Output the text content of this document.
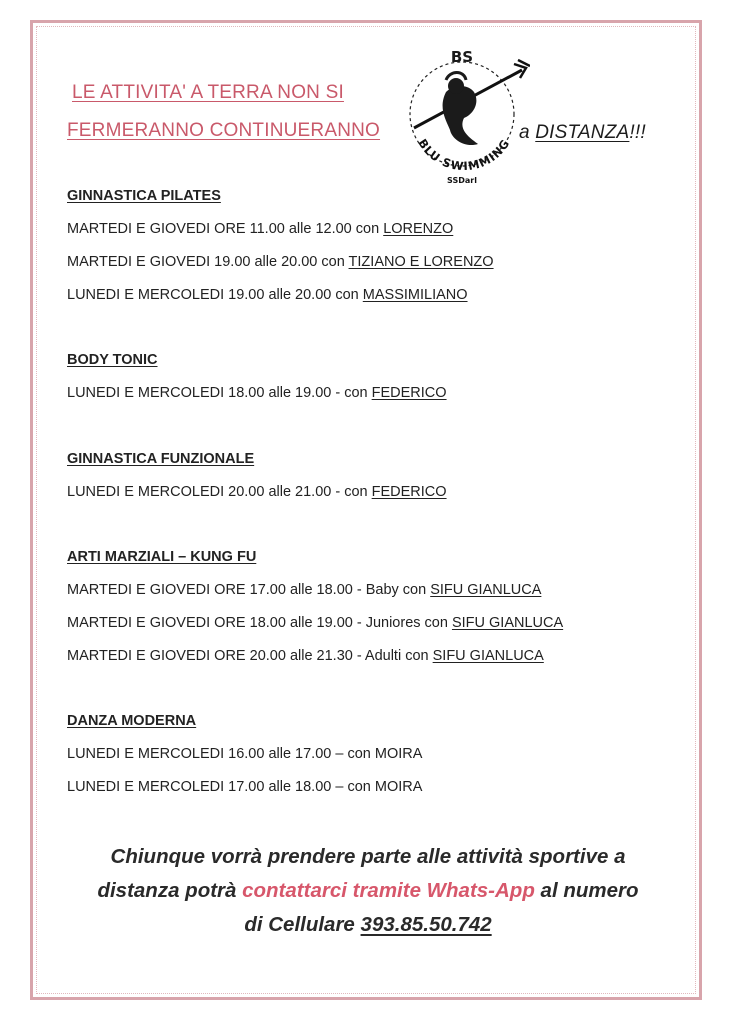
LE ATTIVITA' A TERRA NON SI
FERMERANNO CONTINUERANNO	a DISTANZA!!!
BS
BLU SWIMMING
SSDarl

GINNASTICA PILATES

MARTEDI E GIOVEDI ORE 11.00 alle 12.00 con LORENZO

MARTEDI E GIOVEDI 19.00 alle 20.00 con TIZIANO E LORENZO

LUNEDI E MERCOLEDI 19.00 alle 20.00 con MASSIMILIANO

BODY TONIC

LUNEDI E MERCOLEDI 18.00 alle 19.00 - con FEDERICO

GINNASTICA FUNZIONALE

LUNEDI E MERCOLEDI 20.00 alle 21.00 - con FEDERICO

ARTI MARZIALI – KUNG FU

MARTEDI E GIOVEDI ORE 17.00 alle 18.00 - Baby con SIFU GIANLUCA

MARTEDI E GIOVEDI ORE 18.00 alle 19.00 - Juniores con SIFU GIANLUCA

MARTEDI E GIOVEDI ORE 20.00 alle 21.30 - Adulti con SIFU GIANLUCA

DANZA MODERNA

LUNEDI E MERCOLEDI 16.00 alle 17.00 – con MOIRA

LUNEDI E MERCOLEDI 17.00 alle 18.00 – con MOIRA

Chiunque vorrà prendere parte alle attività sportive a
distanza potrà contattarci tramite Whats-App al numero
di Cellulare 393.85.50.742
